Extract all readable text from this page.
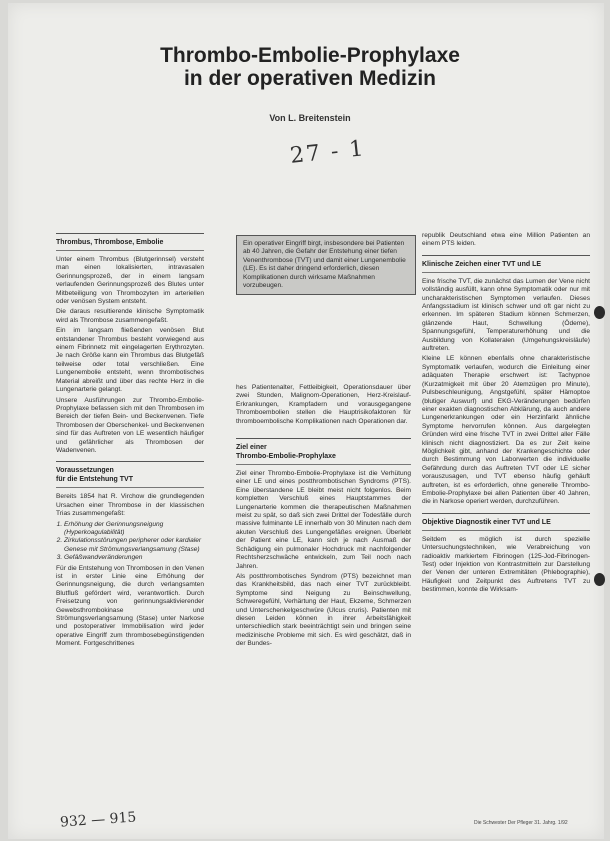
Thrombo-Embolie-Prophylaxe
in der operativen Medizin
Von L. Breitenstein
27 - 1
Ein operativer Eingriff birgt, insbesondere bei Patienten ab 40 Jahren, die Gefahr der Entstehung einer tiefen Venenthrombose (TVT) und damit einer Lungenembolie (LE). Es ist daher dringend erforderlich, diesen Komplikationen durch wirksame Maßnahmen vorzubeugen.
Thrombus, Thrombose, Embolie

Unter einem Thrombus (Blutgerinnsel) versteht man einen lokalisierten, intravasalen Gerinnungsprozeß, der in einem langsam verlaufenden Gerinnungsprozeß des Blutes unter Mitbeteiligung von Thrombozyten im arteriellen oder venösen System entsteht.

Die daraus resultierende klinische Symptomatik wird als Thrombose zusammengefaßt.

Ein im langsam fließenden venösen Blut entstandener Thrombus besteht vorwiegend aus einem Fibrinnetz mit eingelagerten Erythrozyten. Je nach Größe kann ein Thrombus das Blutgefäß teilweise oder total verschließen. Eine Lungenembolie entsteht, wenn thrombotisches Material abreißt und über das rechte Herz in die Lungenarterie gelangt.

Unsere Ausführungen zur Thrombo-Embolie-Prophylaxe befassen sich mit den Thrombosen im Bereich der tiefen Bein- und Beckenvenen. Tiefe Thrombosen der Oberschenkel- und Beckenvenen sind für das Auftreten von LE wesentlich häufiger und gefährlicher als Thrombosen der Wadenvenen.

Voraussetzungen
für die Entstehung TVT

Bereits 1854 hat R. Virchow die grundlegenden Ursachen einer Thrombose in der klassischen Trias zusammengefaßt:

1. Erhöhung der Gerinnungsneigung (Hyperkoagulabilität)
2. Zirkulationsstörungen peripherer oder kardialer Genese mit Strömungsverlangsamung (Stase)
3. Gefäßwandveränderungen

Für die Entstehung von Thrombosen in den Venen ist in erster Linie eine Erhöhung der Gerinnungsneigung, die durch verlangsamten Blutfluß gefördert wird, verantwortlich. Durch Freisetzung von gerinnungsaktivierender Gewebsthrombokinase und Strömungsverlangsamung (Stase) unter Narkose und postoperativer Immobilisation wird jeder operative Eingriff zum thrombosebegünstigenden Moment. Fortgeschrittenes

hes Patientenalter, Fettleibigkeit, Operationsdauer über zwei Stunden, Malignom-Operationen, Herz-Kreislauf-Erkrankungen, Krampfadern und vorausgegangene Thromboembolien stellen die Hauptrisikofaktoren für thromboembolische Komplikationen nach Operationen dar.

Ziel einer
Thrombo-Embolie-Prophylaxe

Ziel einer Thrombo-Embolie-Prophylaxe ist die Verhütung einer LE und eines postthrombotischen Syndroms (PTS). Eine überstandene LE bleibt meist nicht folgenlos. Beim kompletten Verschluß eines Hauptstammes der Lungenarterie kommen die therapeutischen Maßnahmen meist zu spät, so daß sich zwei Drittel der Todesfälle durch massive fulminante LE innerhalb von 30 Minuten nach dem akuten Verschluß des Lungengefäßes ereignen. Überlebt der Patient eine LE, kann sich je nach Ausmaß der Schädigung ein pulmonaler Hochdruck mit nachfolgender Rechtsherzschwäche entwickeln, zum Teil noch nach Jahren.

Als postthrombotisches Syndrom (PTS) bezeichnet man das Krankheitsbild, das nach einer TVT zurückbleibt. Symptome sind Neigung zu Beinschwellung, Schweregefühl, Verhärtung der Haut, Ekzeme, Schmerzen und Unterschenkelgeschwüre (Ulcus cruris). Patienten mit diesen Leiden können in ihrer Arbeitsfähigkeit unterschiedlich stark beeinträchtigt sein und bringen seine medizinische Probleme mit sich. Es wird geschätzt, daß in der Bundes-

republik Deutschland etwa eine Million Patienten an einem PTS leiden.

Klinische Zeichen einer TVT und LE

Eine frische TVT, die zunächst das Lumen der Vene nicht vollständig ausfüllt, kann ohne Symptomatik oder nur mit uncharakteristischen Symptomen verlaufen. Dieses Anfangsstadium ist klinisch schwer und oft gar nicht zu erkennen. Im späteren Stadium können Schmerzen, glänzende Haut, Schwellung (Ödeme), Spannungsgefühl, Temperaturerhöhung und die Ausbildung von Kollateralen (Umgehungskreisläufe) auftreten.

Kleine LE können ebenfalls ohne charakteristische Symptomatik verlaufen, wodurch die Einleitung einer adäquaten Therapie erschwert ist: Tachypnoe (Kurzatmigkeit mit über 20 Atemzügen pro Minute), Pulsbeschleunigung, Angstgefühl, später Hämoptoe (blutiger Auswurf) und EKG-Veränderungen bedürfen einer exakten diagnostischen Abklärung, da auch andere Lungenerkrankungen oder ein Herzinfarkt ähnliche Symptome hervorrufen können. Aus dargelegten Gründen wird eine frische TVT in zwei Drittel aller Fälle klinisch nicht diagnostiziert. Da es zur Zeit keine Möglichkeit gibt, anhand der Krankengeschichte oder durch Bestimmung von Laborwerten die individuelle Gefährdung durch das Auftreten TVT oder LE sicher vorauszusagen, und TVT ebenso häufig gehäuft auftreten, ist es erforderlich, ohne generelle Thrombo-Embolie-Prophylaxe bei allen Patienten über 40 Jahren, die in Narkose operiert werden, durchzuführen.

Objektive Diagnostik einer TVT und LE

Seitdem es möglich ist durch spezielle Untersuchungstechniken, wie Verabreichung von radioaktiv markiertem Fibrinogen (125-Jod-Fibrinogen-Test) oder Injektion von Kontrastmitteln zur Darstellung der Venen der unteren Extremitäten (Phlebographie), Häufigkeit und Zeitpunkt des Auftretens TVT zu bestimmen, konnte die Wirksam-

932 — 915	Die Schwester Der Pfleger 31. Jahrg. 1/92
